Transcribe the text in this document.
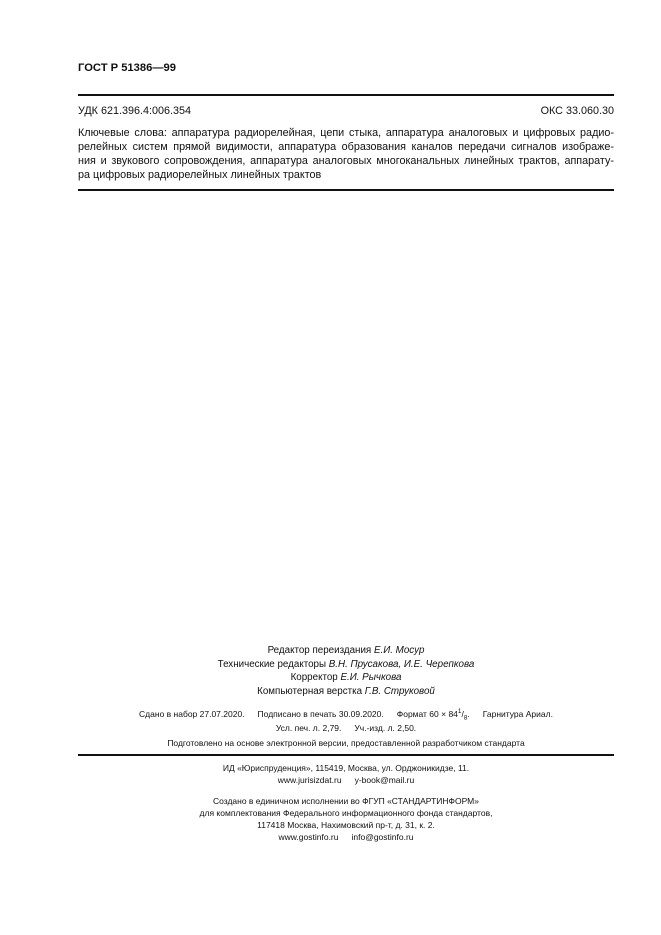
ГОСТ Р 51386—99
УДК 621.396.4:006.354	ОКС 33.060.30
Ключевые слова: аппаратура радиорелейная, цепи стыка, аппаратура аналоговых и цифровых радио-
релейных систем прямой видимости, аппаратура образования каналов передачи сигналов изображе-
ния и звукового сопровождения, аппаратура аналоговых многоканальных линейных трактов, аппарату-
ра цифровых радиорелейных линейных трактов
Редактор переиздания Е.И. Мосур
Технические редакторы В.Н. Прусакова, И.Е. Черепкова
Корректор Е.И. Рычкова
Компьютерная верстка Г.В. Струковой
Сдано в набор 27.07.2020. Подписано в печать 30.09.2020. Формат $60 \times 84^1/_8$. Гарнитура Ариал.
Усл. печ. л. 2,79. Уч.-изд. л. 2,50.
Подготовлено на основе электронной версии, предоставленной разработчиком стандарта
ИД «Юриспруденция», 115419, Москва, ул. Орджоникидзе, 11.
www.jurisizdat.ru y-book@mail.ru
Создано в единичном исполнении во ФГУП «СТАНДАРТИНФОРМ»
для комплектования Федерального информационного фонда стандартов,
117418 Москва, Нахимовский пр-т, д. 31, к. 2.
www.gostinfo.ru info@gostinfo.ru
